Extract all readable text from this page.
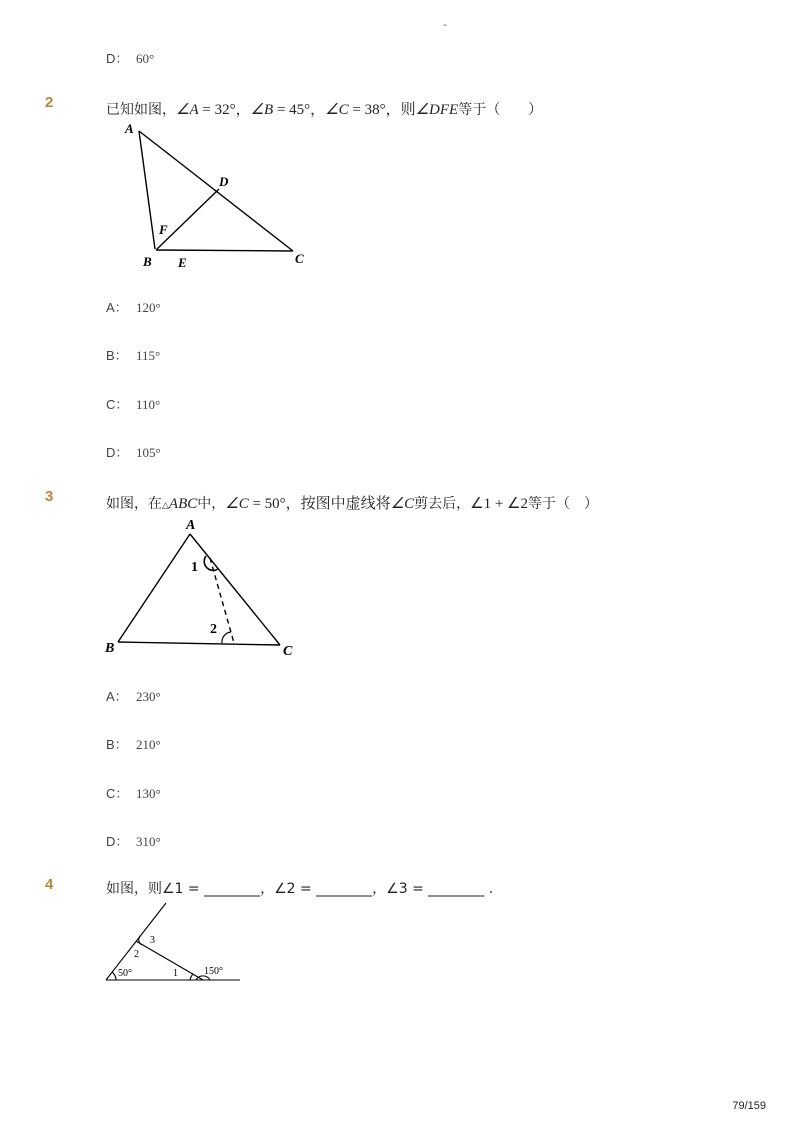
-
D： 60°
2	已知如图，∠A = 32°，∠B = 45°，∠C = 38°，则∠DFE等于（　　）
A
D
F
B E	C
A： 120°
B： 115°
C： 110°
D： 105°
3	如图，在△ABC中，∠C = 50°，按图中虚线将∠C剪去后，∠1 + ∠2等于（　）
A
B	C
1
2
A： 230°
B： 210°
C： 130°
D： 310°
4	如图，则∠1 = ________，∠2 = ________，∠3 = ________ .
3
2
1
50°	150°
79/159
